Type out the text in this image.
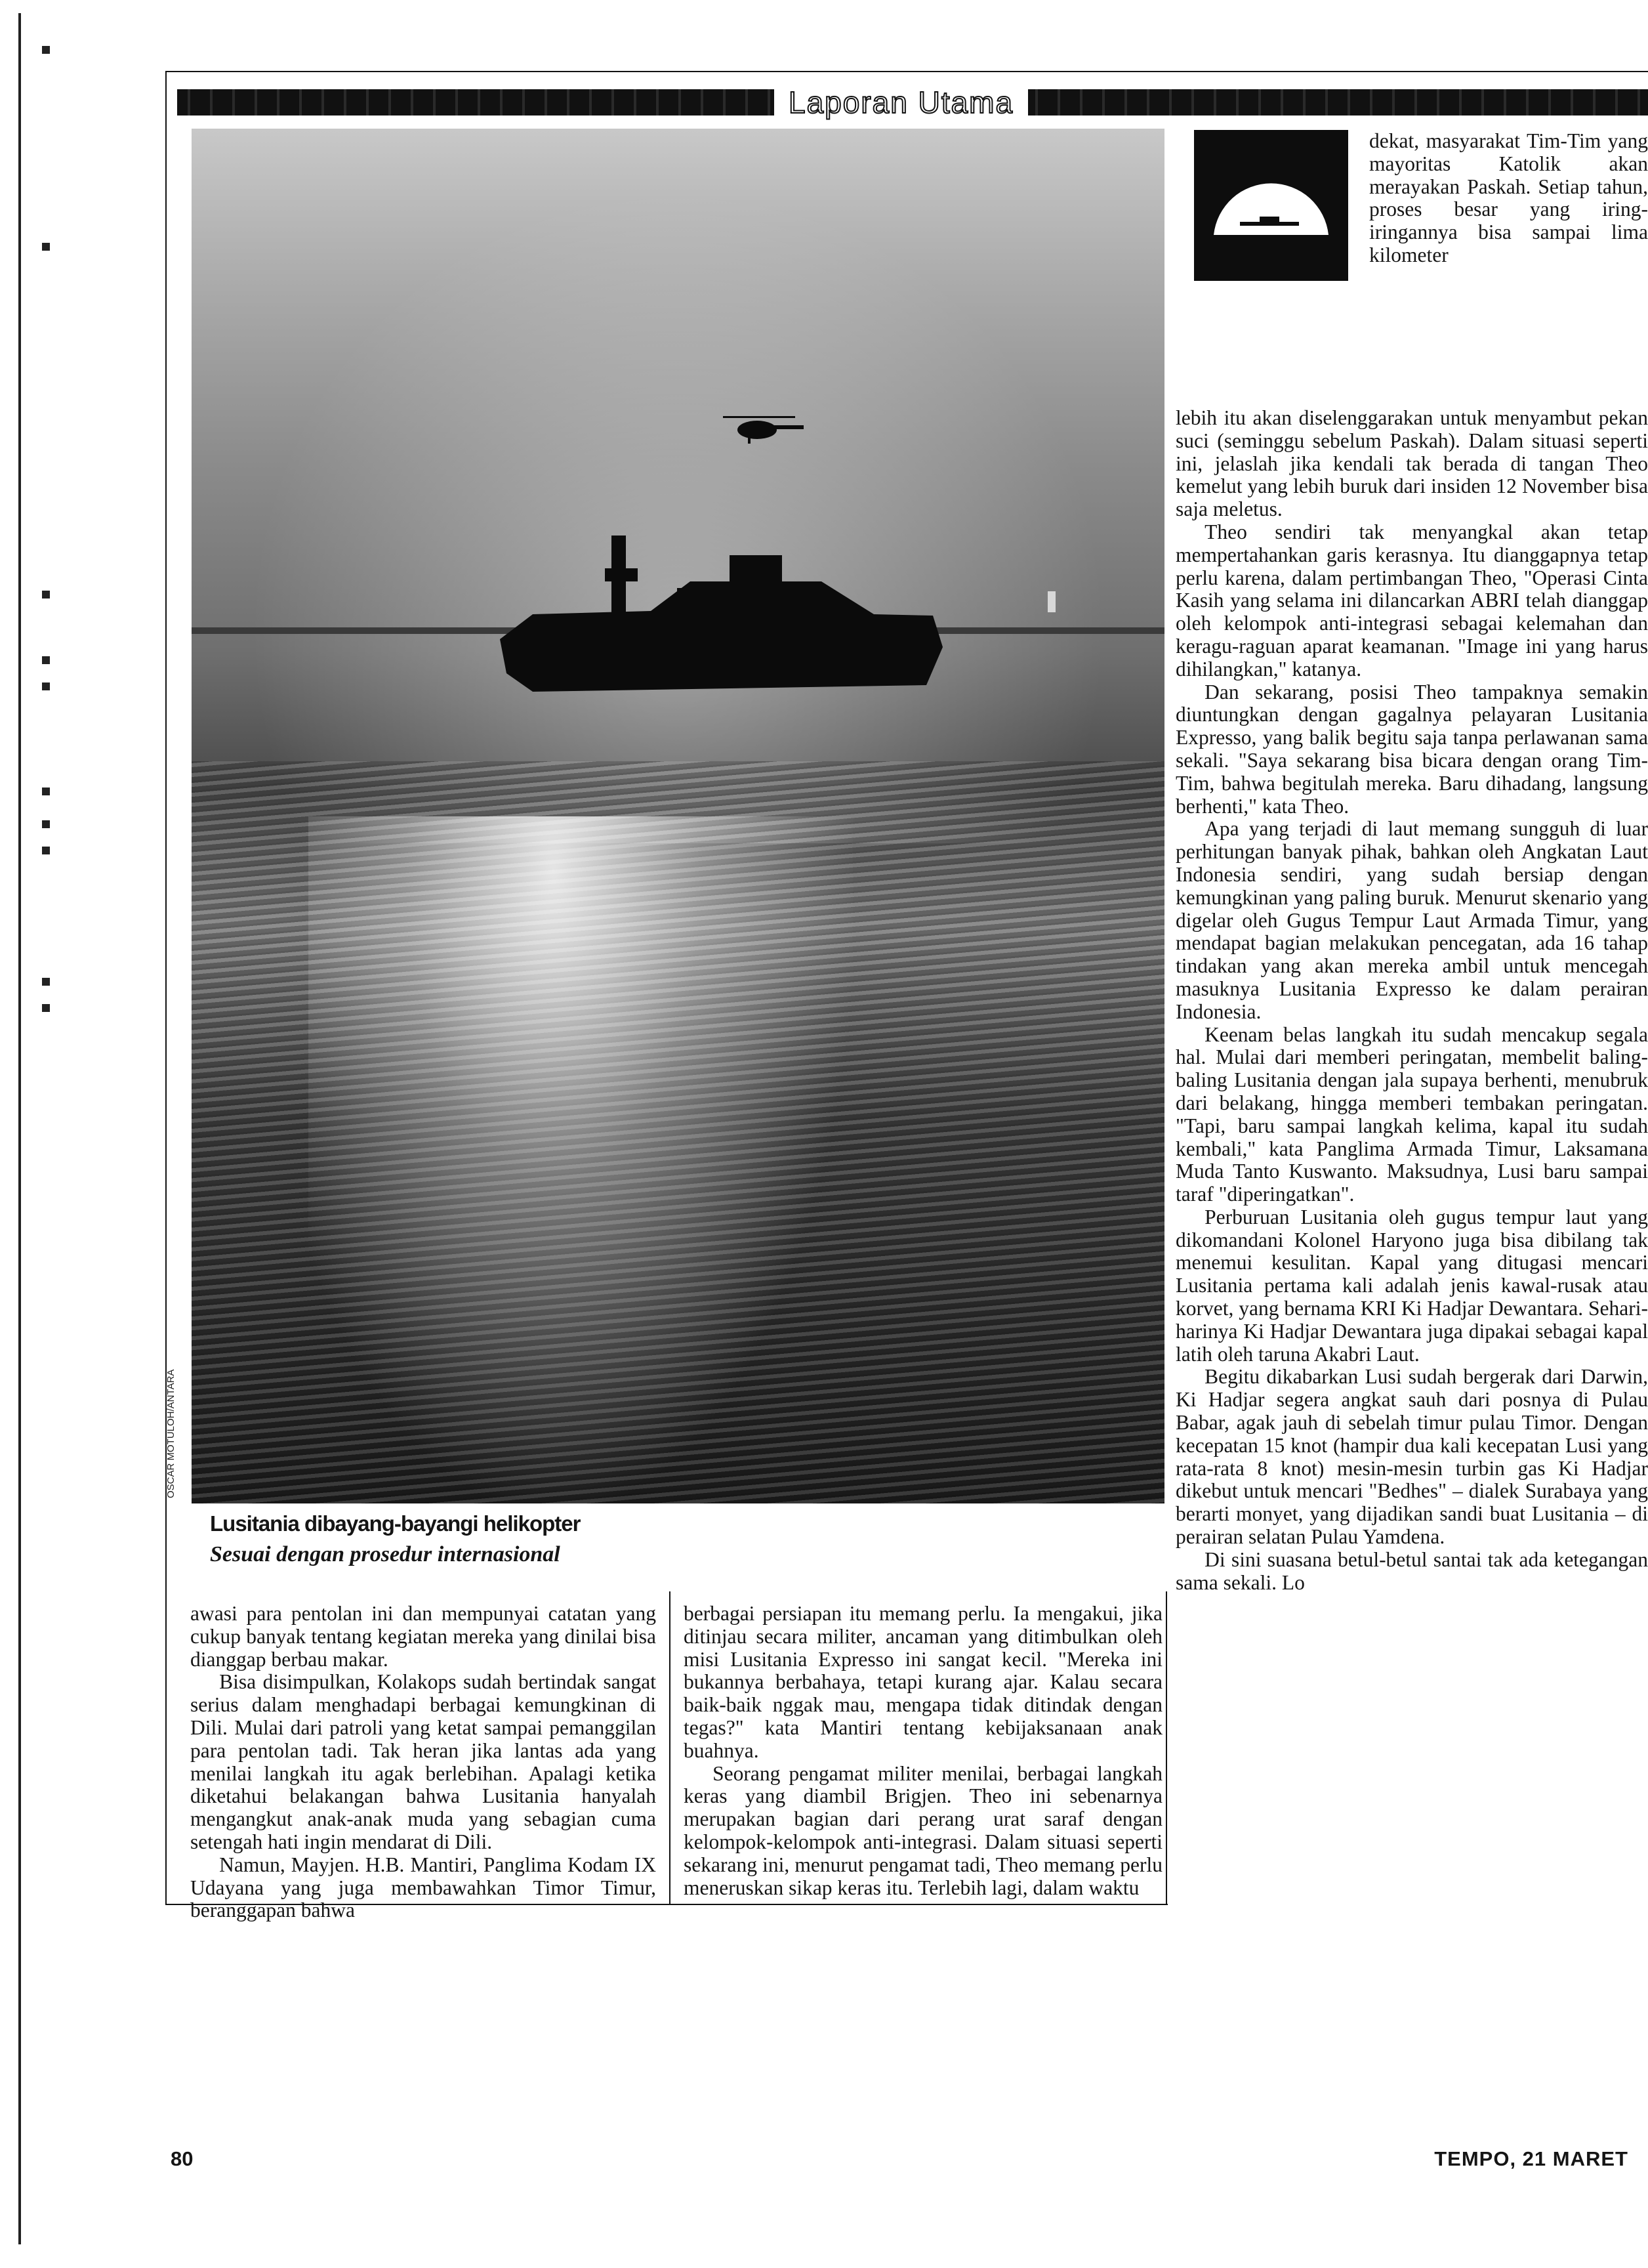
Laporan Utama
OSCAR MOTULOH/ANTARA
Lusitania dibayang-bayangi helikopter
Sesuai dengan prosedur internasional

awasi para pentolan ini dan mempunyai catatan yang cukup banyak tentang kegiatan mereka yang dinilai bisa dianggap berbau makar.

Bisa disimpulkan, Kolakops sudah bertindak sangat serius dalam menghadapi berbagai kemungkinan di Dili. Mulai dari patroli yang ketat sampai pemanggilan para pentolan tadi. Tak heran jika lantas ada yang menilai langkah itu agak berlebihan. Apalagi ketika diketahui belakangan bahwa Lusitania hanyalah mengangkut anak-anak muda yang sebagian cuma setengah hati ingin mendarat di Dili.

Namun, Mayjen. H.B. Mantiri, Panglima Kodam IX Udayana yang juga membawahkan Timor Timur, beranggapan bahwa

berbagai persiapan itu memang perlu. Ia mengakui, jika ditinjau secara militer, ancaman yang ditimbulkan oleh misi Lusitania Expresso ini sangat kecil. "Mereka ini bukannya berbahaya, tetapi kurang ajar. Kalau secara baik-baik nggak mau, mengapa tidak ditindak dengan tegas?" kata Mantiri tentang kebijaksanaan anak buahnya.

Seorang pengamat militer menilai, berbagai langkah keras yang diambil Brigjen. Theo ini sebenarnya merupakan bagian dari perang urat saraf dengan kelompok-kelompok anti-integrasi. Dalam situasi seperti sekarang ini, menurut pengamat tadi, Theo memang perlu meneruskan sikap keras itu. Terlebih lagi, dalam waktu

dekat, masyarakat Tim-Tim yang mayoritas Katolik akan merayakan Paskah. Setiap tahun, proses besar yang iring-iringannya bisa sampai lima kilometer

lebih itu akan diselenggarakan untuk menyambut pekan suci (seminggu sebelum Paskah). Dalam situasi seperti ini, jelaslah jika kendali tak berada di tangan Theo kemelut yang lebih buruk dari insiden 12 November bisa saja meletus.

Theo sendiri tak menyangkal akan tetap mempertahankan garis kerasnya. Itu dianggapnya tetap perlu karena, dalam pertimbangan Theo, "Operasi Cinta Kasih yang selama ini dilancarkan ABRI telah dianggap oleh kelompok anti-integrasi sebagai kelemahan dan keragu-raguan aparat keamanan. "Image ini yang harus dihilangkan," katanya.

Dan sekarang, posisi Theo tampaknya semakin diuntungkan dengan gagalnya pelayaran Lusitania Expresso, yang balik begitu saja tanpa perlawanan sama sekali. "Saya sekarang bisa bicara dengan orang Tim-Tim, bahwa begitulah mereka. Baru dihadang, langsung berhenti," kata Theo.

Apa yang terjadi di laut memang sungguh di luar perhitungan banyak pihak, bahkan oleh Angkatan Laut Indonesia sendiri, yang sudah bersiap dengan kemungkinan yang paling buruk. Menurut skenario yang digelar oleh Gugus Tempur Laut Armada Timur, yang mendapat bagian melakukan pencegatan, ada 16 tahap tindakan yang akan mereka ambil untuk mencegah masuknya Lusitania Expresso ke dalam perairan Indonesia.

Keenam belas langkah itu sudah mencakup segala hal. Mulai dari memberi peringatan, membelit baling-baling Lusitania dengan jala supaya berhenti, menubruk dari belakang, hingga memberi tembakan peringatan. "Tapi, baru sampai langkah kelima, kapal itu sudah kembali," kata Panglima Armada Timur, Laksamana Muda Tanto Kuswanto. Maksudnya, Lusi baru sampai taraf "diperingatkan".

Perburuan Lusitania oleh gugus tempur laut yang dikomandani Kolonel Haryono juga bisa dibilang tak menemui kesulitan. Kapal yang ditugasi mencari Lusitania pertama kali adalah jenis kawal-rusak atau korvet, yang bernama KRI Ki Hadjar Dewantara. Sehari-harinya Ki Hadjar Dewantara juga dipakai sebagai kapal latih oleh taruna Akabri Laut.

Begitu dikabarkan Lusi sudah bergerak dari Darwin, Ki Hadjar segera angkat sauh dari posnya di Pulau Babar, agak jauh di sebelah timur pulau Timor. Dengan kecepatan 15 knot (hampir dua kali kecepatan Lusi yang rata-rata 8 knot) mesin-mesin turbin gas Ki Hadjar dikebut untuk mencari "Bedhes" – dialek Surabaya yang berarti monyet, yang dijadikan sandi buat Lusitania – di perairan selatan Pulau Yamdena.

Di sini suasana betul-betul santai tak ada ketegangan sama sekali. Lo

80	TEMPO, 21 MARET
